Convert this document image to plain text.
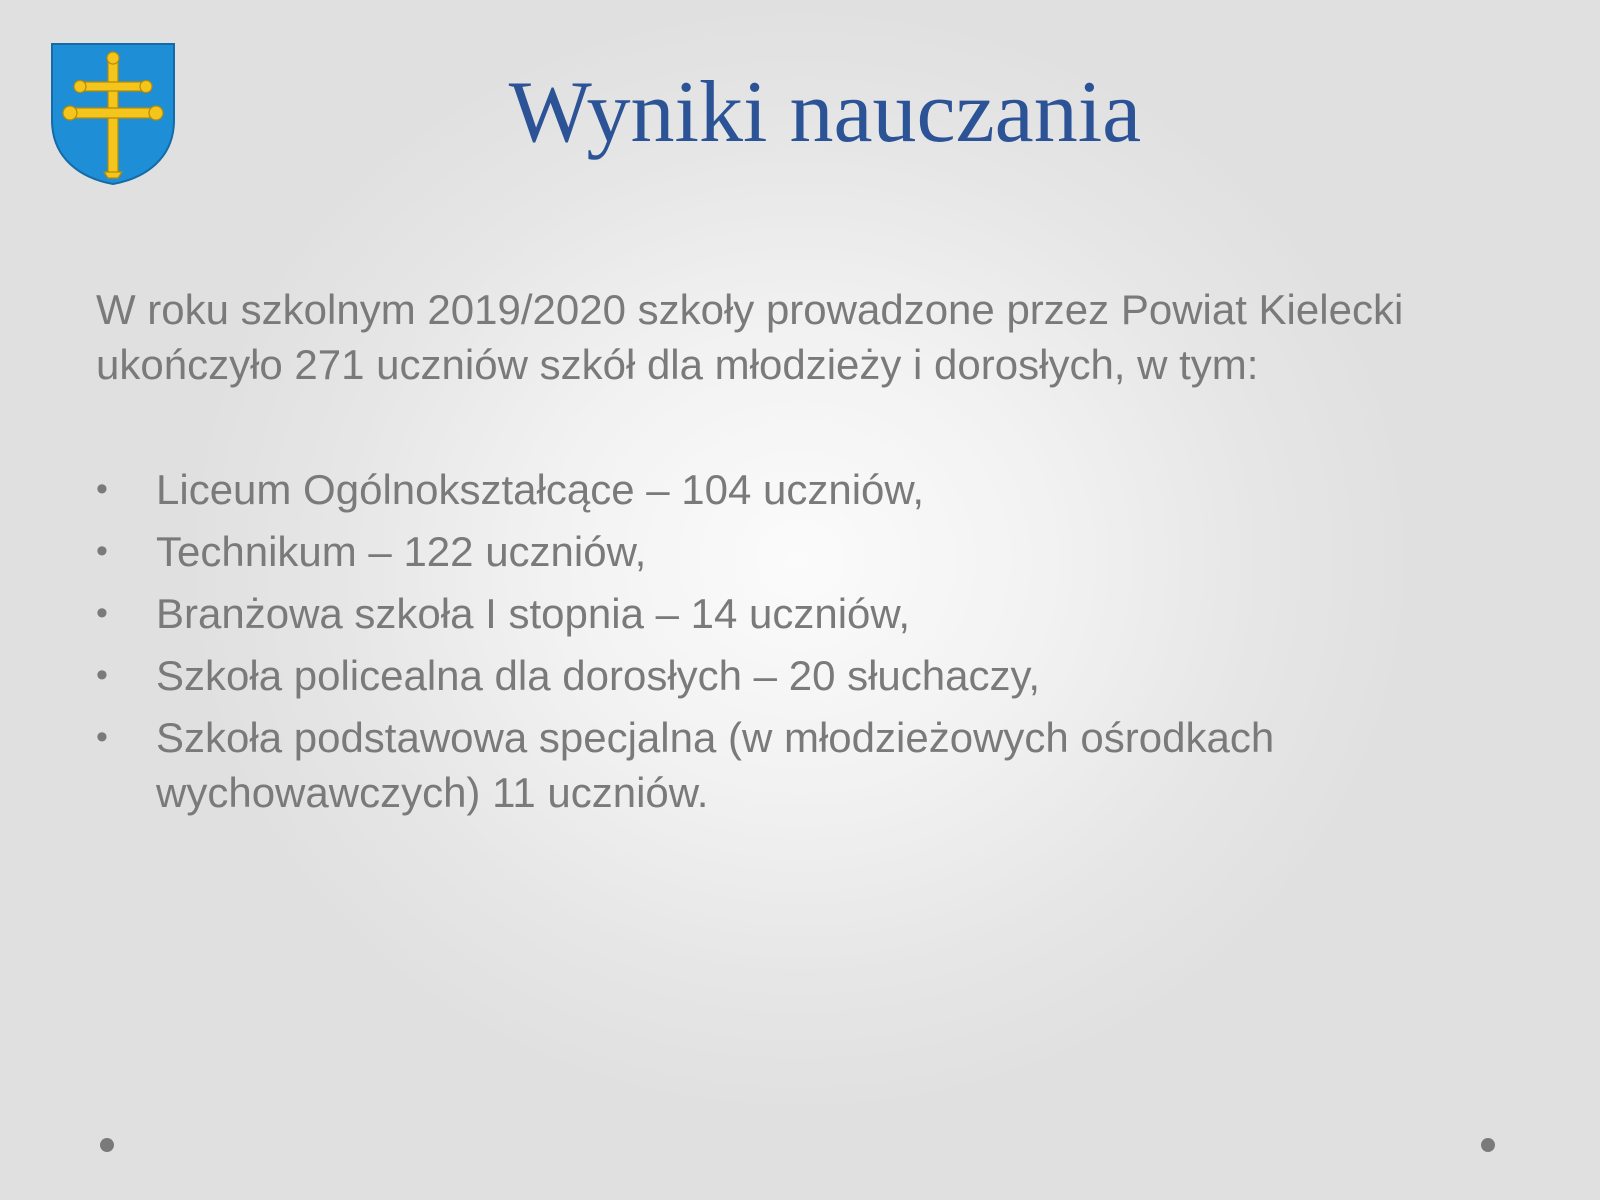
Wyniki nauczania

W roku szkolnym 2019/2020 szkoły prowadzone przez Powiat Kielecki
ukończyło 271 uczniów szkół dla młodzieży i dorosłych, w tym:

• Liceum Ogólnokształcące – 104 uczniów,
• Technikum – 122 uczniów,
• Branżowa szkoła I stopnia – 14 uczniów,
• Szkoła policealna dla dorosłych – 20 słuchaczy,
• Szkoła podstawowa specjalna (w młodzieżowych ośrodkach
wychowawczych) 11 uczniów.
